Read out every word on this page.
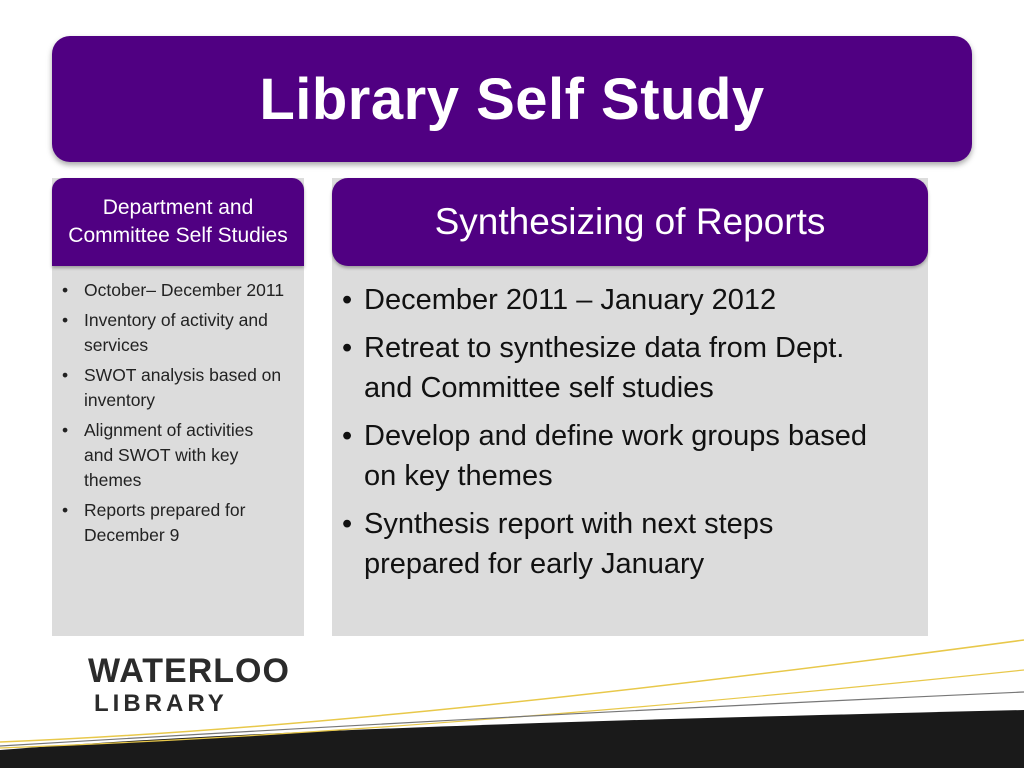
Library Self Study
Department and Committee Self Studies
• October– December 2011
• Inventory of activity and services
• SWOT analysis based on inventory
• Alignment of activities and SWOT with key themes
• Reports prepared for December 9
Synthesizing of Reports
• December 2011 – January 2012
• Retreat to synthesize data from Dept. and Committee self studies
• Develop and define work groups based on key themes
• Synthesis report with next steps prepared for early January
WATERLOO
LIBRARY
